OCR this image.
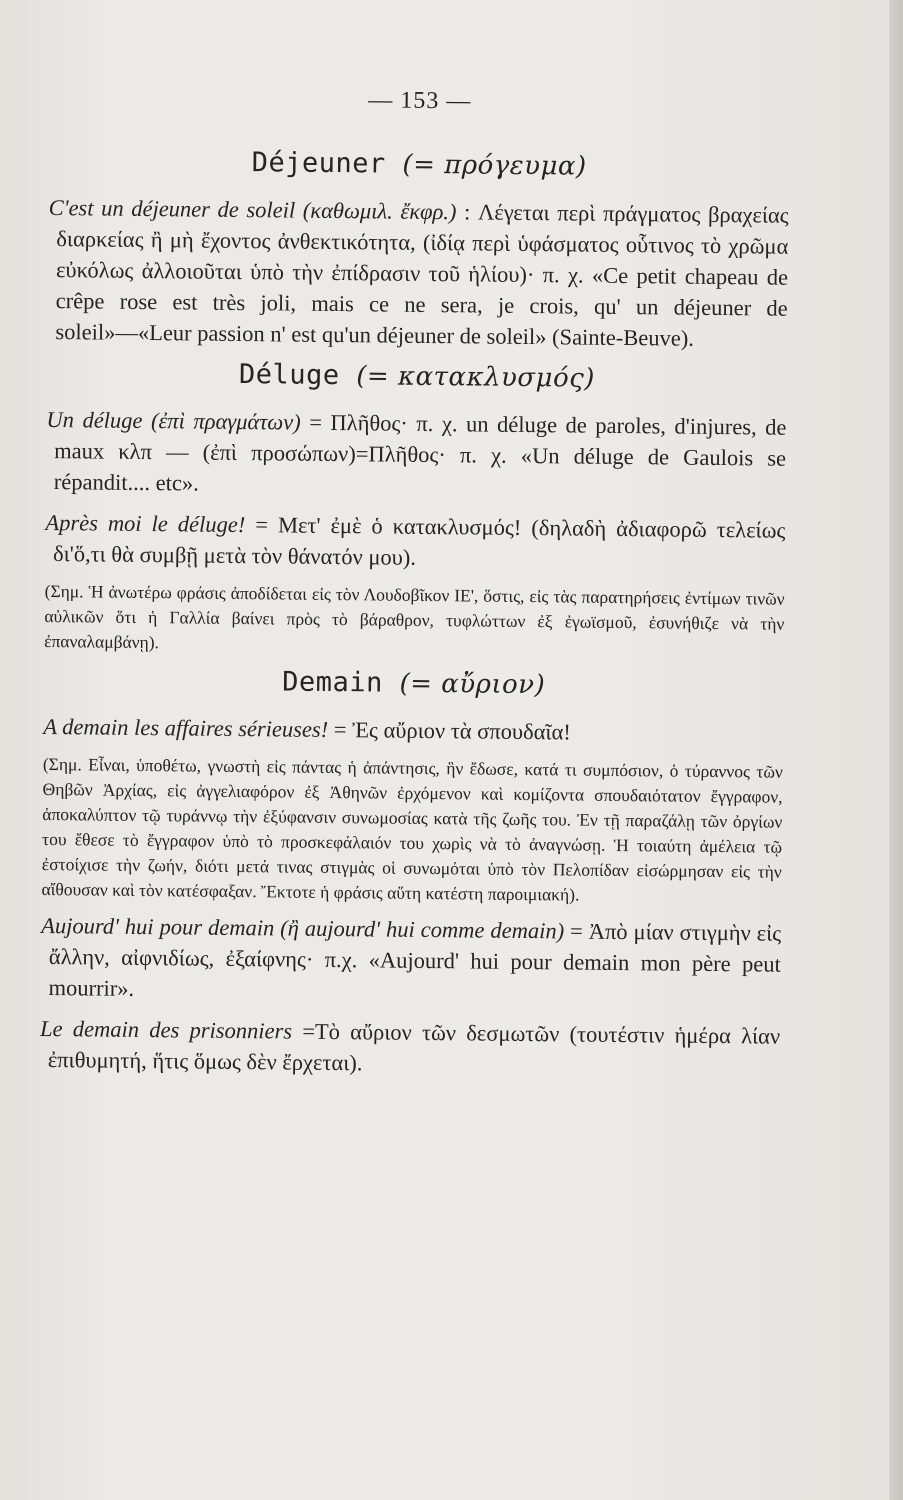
— 153 —
Déjeuner (= πρόγευμα)

C'est un déjeuner de soleil (καθωμιλ. ἔκφρ.) : Λέγεται περὶ πράγματος βραχείας διαρκείας ἢ μὴ ἔχοντος ἀνθεκτικότητα, (ἰδίᾳ περὶ ὑφάσματος οὗτινος τὸ χρῶμα εὐκόλως ἀλλοιοῦται ὑπὸ τὴν ἐπίδρασιν τοῦ ἡλίου)· π. χ. «Ce petit chapeau de crêpe rose est très joli, mais ce ne sera, je crois, qu' un déjeuner de soleil»—«Leur passion n' est qu'un déjeuner de soleil» (Sainte-Beuve).

Déluge (= κατακλυσμός)

Un déluge (ἐπὶ πραγμάτων) = Πλῆθος· π. χ. un déluge de paroles, d'injures, de maux κλπ — (ἐπὶ προσώπων)=Πλῆθος· π. χ. «Un déluge de Gaulois se répandit.... etc».

Après moi le déluge! = Μετ' ἐμὲ ὁ κατακλυσμός! (δηλαδὴ ἀδιαφορῶ τελείως δι'ὅ,τι θὰ συμβῇ μετὰ τὸν θάνατόν μου).

(Σημ. Ἡ ἀνωτέρω φράσις ἀποδίδεται εἰς τὸν Λουδοβῖκον ΙΕ', ὅστις, εἰς τὰς παρατηρήσεις ἐντίμων τινῶν αὐλικῶν ὅτι ἡ Γαλλία βαίνει πρὸς τὸ βάραθρον, τυφλώττων ἐξ ἐγωϊσμοῦ, ἐσυνήθιζε νὰ τὴν ἐπαναλαμβάνῃ).

Demain (= αὔριον)

A demain les affaires sérieuses! = Ἐς αὔριον τὰ σπουδαῖα!

(Σημ. Εἶναι, ὑποθέτω, γνωστὴ εἰς πάντας ἡ ἀπάντησις, ἣν ἔδωσε, κατά τι συμπόσιον, ὁ τύραννος τῶν Θηβῶν Ἀρχίας, εἰς ἀγγελιαφόρον ἐξ Ἀθηνῶν ἐρχόμενον καὶ κομίζοντα σπουδαιότατον ἔγγραφον, ἀποκαλύπτον τῷ τυράννῳ τὴν ἐξύφανσιν συνωμοσίας κατὰ τῆς ζωῆς του. Ἐν τῇ παραζάλῃ τῶν ὀργίων του ἔθεσε τὸ ἔγγραφον ὑπὸ τὸ προσκεφάλαιόν του χωρὶς νὰ τὸ ἀναγνώσῃ. Ἡ τοιαύτη ἀμέλεια τῷ ἐστοίχισε τὴν ζωήν, διότι μετά τινας στιγμὰς οἱ συνωμόται ὑπὸ τὸν Πελοπίδαν εἰσώρμησαν εἰς τὴν αἴθουσαν καὶ τὸν κατέσφαξαν. Ἔκτοτε ἡ φράσις αὕτη κατέστη παροιμιακή).

Aujourd' hui pour demain (ἢ aujourd' hui comme demain) = Ἀπὸ μίαν στιγμὴν εἰς ἄλλην, αἰφνιδίως, ἐξαίφνης· π.χ. «Aujourd' hui pour demain mon père peut mourrir».

Le demain des prisonniers =Τὸ αὔριον τῶν δεσμωτῶν (τουτέστιν ἡμέρα λίαν ἐπιθυμητή, ἥτις ὅμως δὲν ἔρχεται).
